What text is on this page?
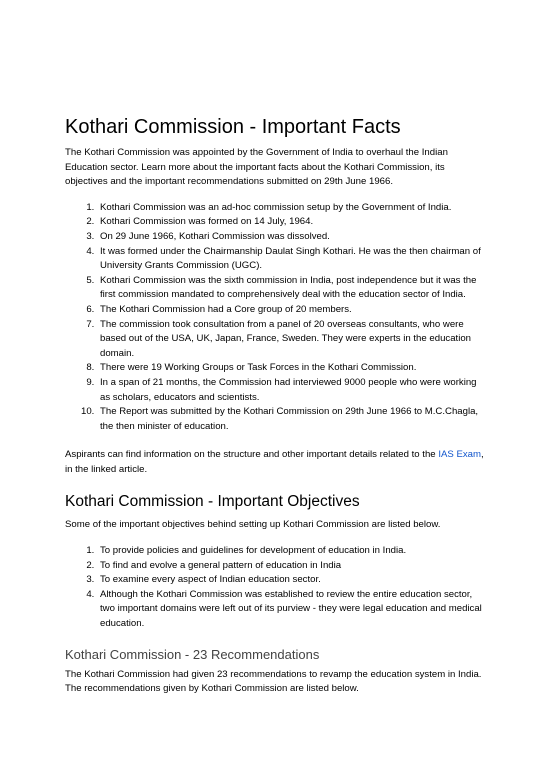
Kothari Commission - Important Facts

The Kothari Commission was appointed by the Government of India to overhaul the Indian Education sector. Learn more about the important facts about the Kothari Commission, its objectives and the important recommendations submitted on 29th June 1966.

1. Kothari Commission was an ad-hoc commission setup by the Government of India.
2. Kothari Commission was formed on 14 July, 1964.
3. On 29 June 1966, Kothari Commission was dissolved.
4. It was formed under the Chairmanship Daulat Singh Kothari. He was the then chairman of University Grants Commission (UGC).
5. Kothari Commission was the sixth commission in India, post independence but it was the first commission mandated to comprehensively deal with the education sector of India.
6. The Kothari Commission had a Core group of 20 members.
7. The commission took consultation from a panel of 20 overseas consultants, who were based out of the USA, UK, Japan, France, Sweden. They were experts in the education domain.
8. There were 19 Working Groups or Task Forces in the Kothari Commission.
9. In a span of 21 months, the Commission had interviewed 9000 people who were working as scholars, educators and scientists.
10. The Report was submitted by the Kothari Commission on 29th June 1966 to M.C.Chagla, the then minister of education.

Aspirants can find information on the structure and other important details related to the IAS Exam, in the linked article.

Kothari Commission - Important Objectives

Some of the important objectives behind setting up Kothari Commission are listed below.

1. To provide policies and guidelines for development of education in India.
2. To find and evolve a general pattern of education in India
3. To examine every aspect of Indian education sector.
4. Although the Kothari Commission was established to review the entire education sector, two important domains were left out of its purview - they were legal education and medical education.
Kothari Commission - 23 Recommendations

The Kothari Commission had given 23 recommendations to revamp the education system in India. The recommendations given by Kothari Commission are listed below.
